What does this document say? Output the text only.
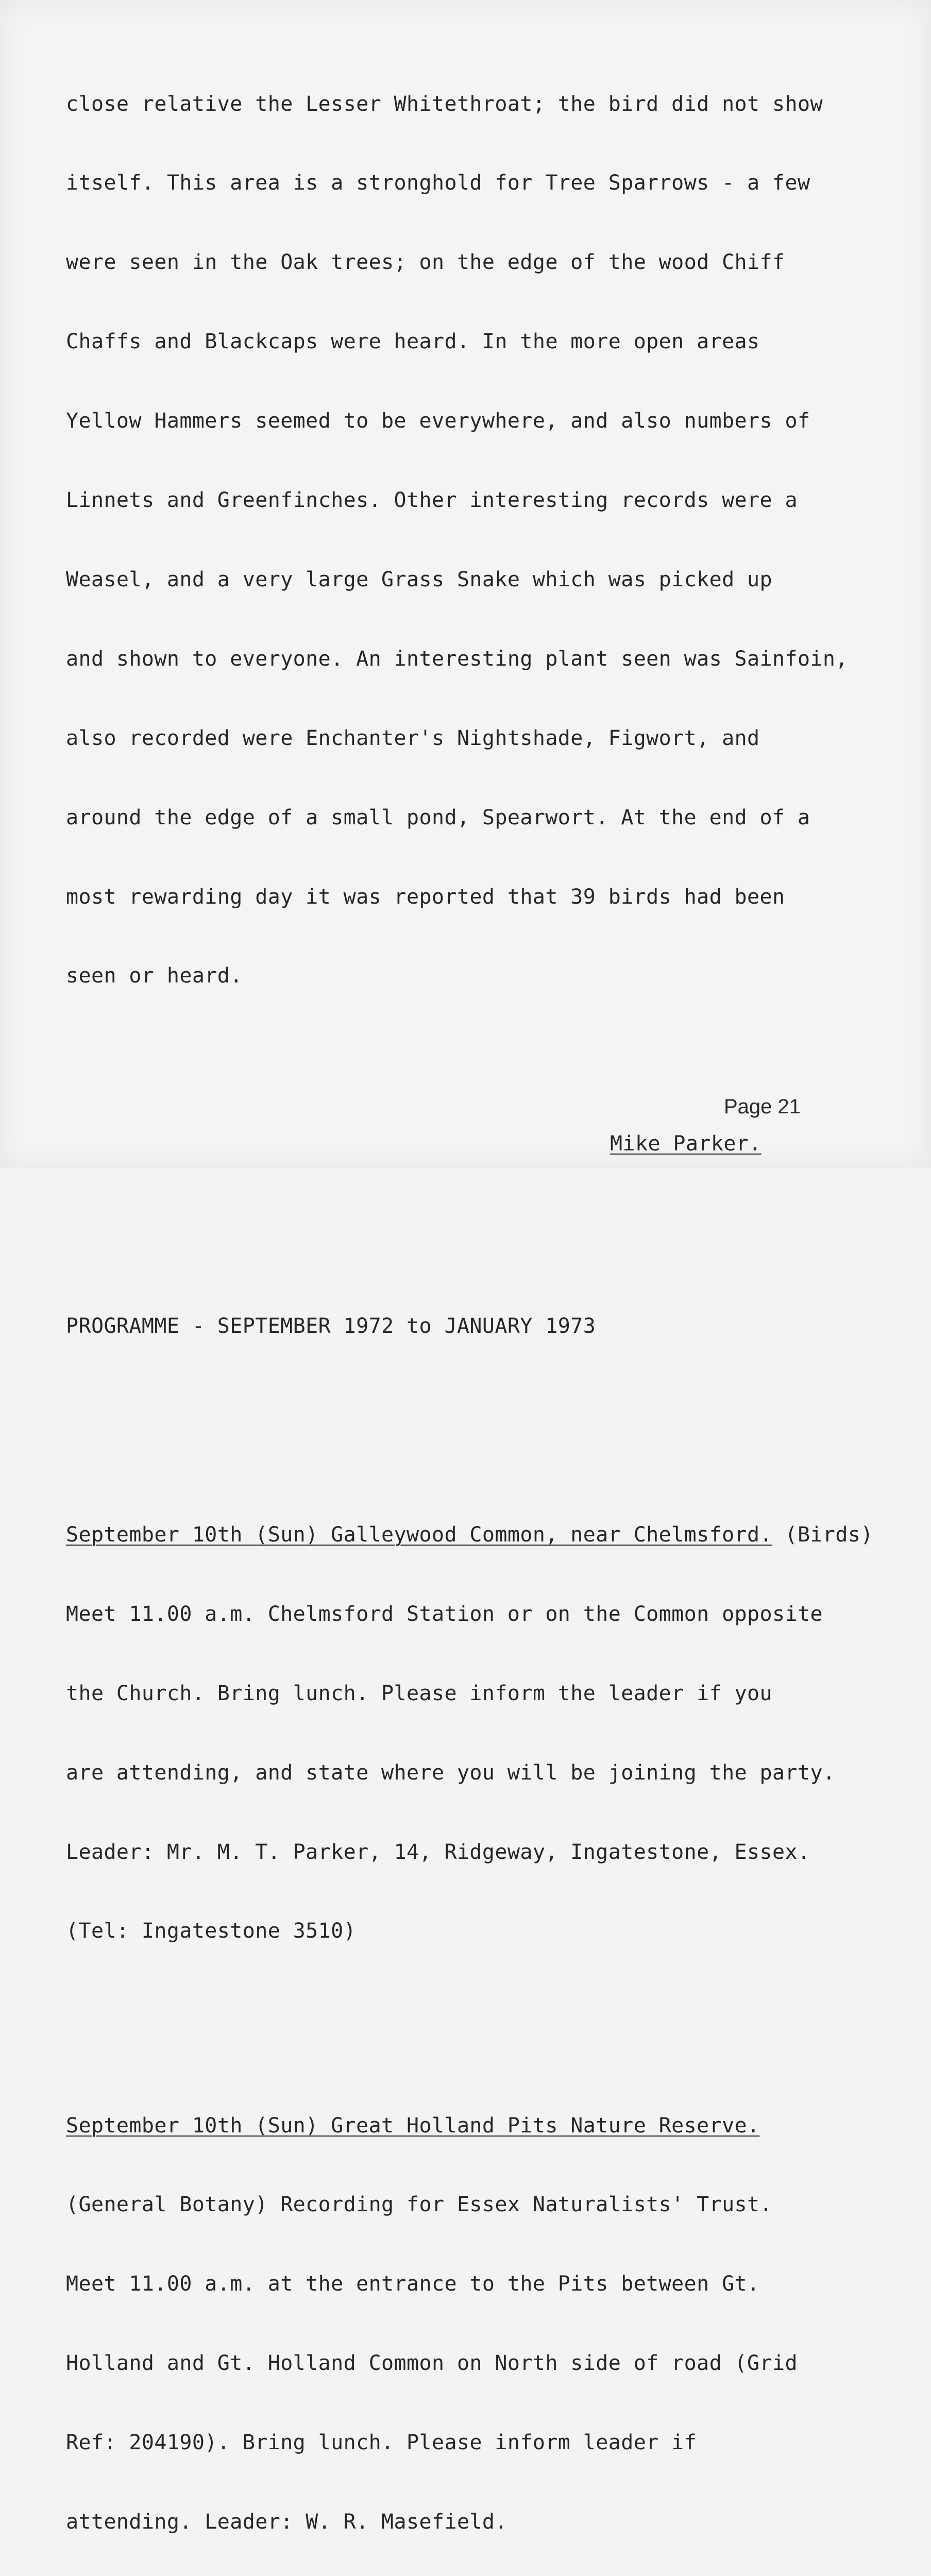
close relative the Lesser Whitethroat; the bird did not show

itself. This area is a stronghold for Tree Sparrows - a few

were seen in the Oak trees; on the edge of the wood Chiff

Chaffs and Blackcaps were heard. In the more open areas

Yellow Hammers seemed to be everywhere, and also numbers of

Linnets and Greenfinches. Other interesting records were a

Weasel, and a very large Grass Snake which was picked up

and shown to everyone. An interesting plant seen was Sainfoin,

also recorded were Enchanter's Nightshade, Figwort, and

around the edge of a small pond, Spearwort. At the end of a

most rewarding day it was reported that 39 birds had been

seen or heard.

Mike Parker.

PROGRAMME - SEPTEMBER 1972 to JANUARY 1973

September 10th (Sun) Galleywood Common, near Chelmsford. (Birds)

Meet 11.00 a.m. Chelmsford Station or on the Common opposite

the Church. Bring lunch. Please inform the leader if you

are attending, and state where you will be joining the party.

Leader: Mr. M. T. Parker, 14, Ridgeway, Ingatestone, Essex.

(Tel: Ingatestone 3510)

September 10th (Sun) Great Holland Pits Nature Reserve.

(General Botany) Recording for Essex Naturalists' Trust.

Meet 11.00 a.m. at the entrance to the Pits between Gt.

Holland and Gt. Holland Common on North side of road (Grid

Ref: 204190). Bring lunch. Please inform leader if

attending. Leader: W. R. Masefield.

Page 21
